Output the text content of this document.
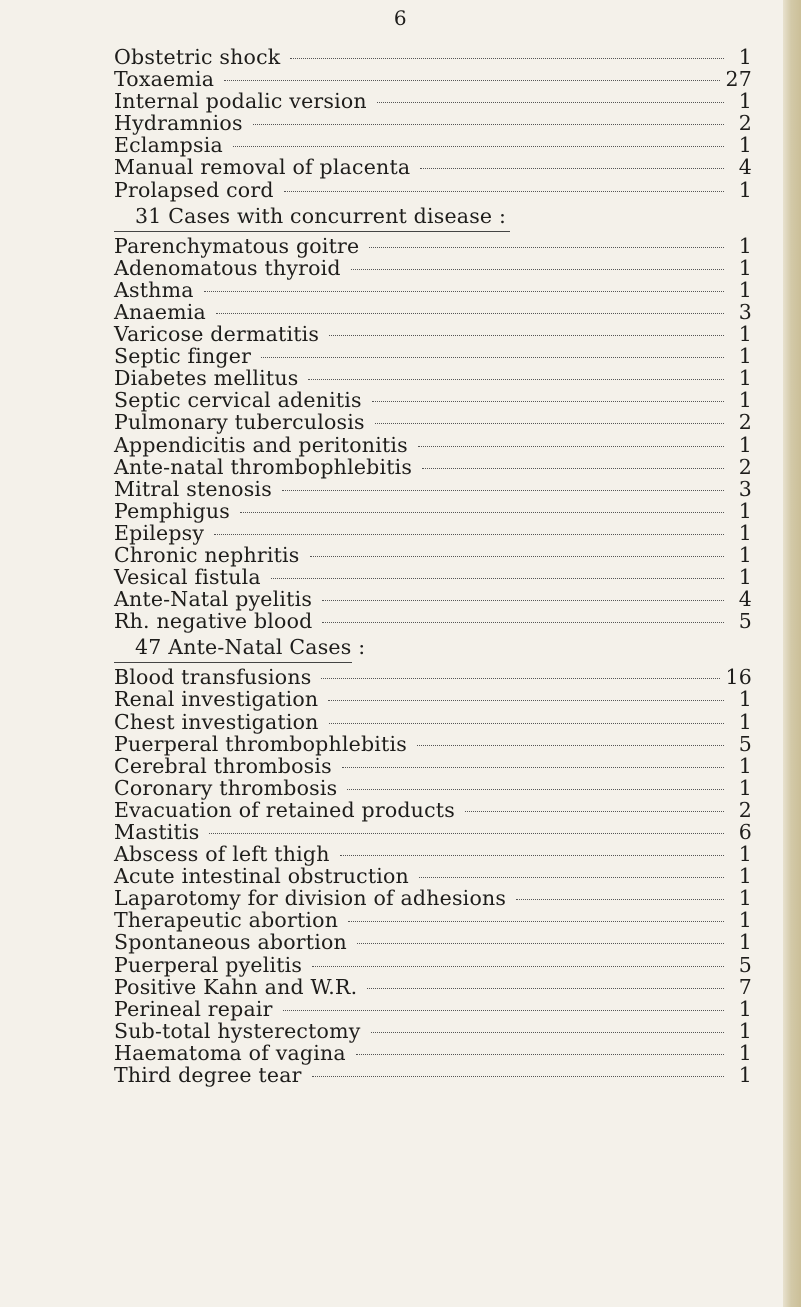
6
Obstetric shock	1
Toxaemia	27
Internal podalic version	1
Hydramnios	2
Eclampsia	1
Manual removal of placenta	4
Prolapsed cord	1
31 Cases with concurrent disease :
Parenchymatous goitre	1
Adenomatous thyroid	1
Asthma	1
Anaemia	3
Varicose dermatitis	1
Septic finger	1
Diabetes mellitus	1
Septic cervical adenitis	1
Pulmonary tuberculosis	2
Appendicitis and peritonitis	1
Ante-natal thrombophlebitis	2
Mitral stenosis	3
Pemphigus	1
Epilepsy	1
Chronic nephritis	1
Vesical fistula	1
Ante-Natal pyelitis	4
Rh. negative blood	5
47 Ante-Natal Cases :
Blood transfusions	16
Renal investigation	1
Chest investigation	1
Puerperal thrombophlebitis	5
Cerebral thrombosis	1
Coronary thrombosis	1
Evacuation of retained products	2
Mastitis	6
Abscess of left thigh	1
Acute intestinal obstruction	1
Laparotomy for division of adhesions	1
Therapeutic abortion	1
Spontaneous abortion	1
Puerperal pyelitis	5
Positive Kahn and W.R.	7
Perineal repair	1
Sub-total hysterectomy	1
Haematoma of vagina	1
Third degree tear	1
